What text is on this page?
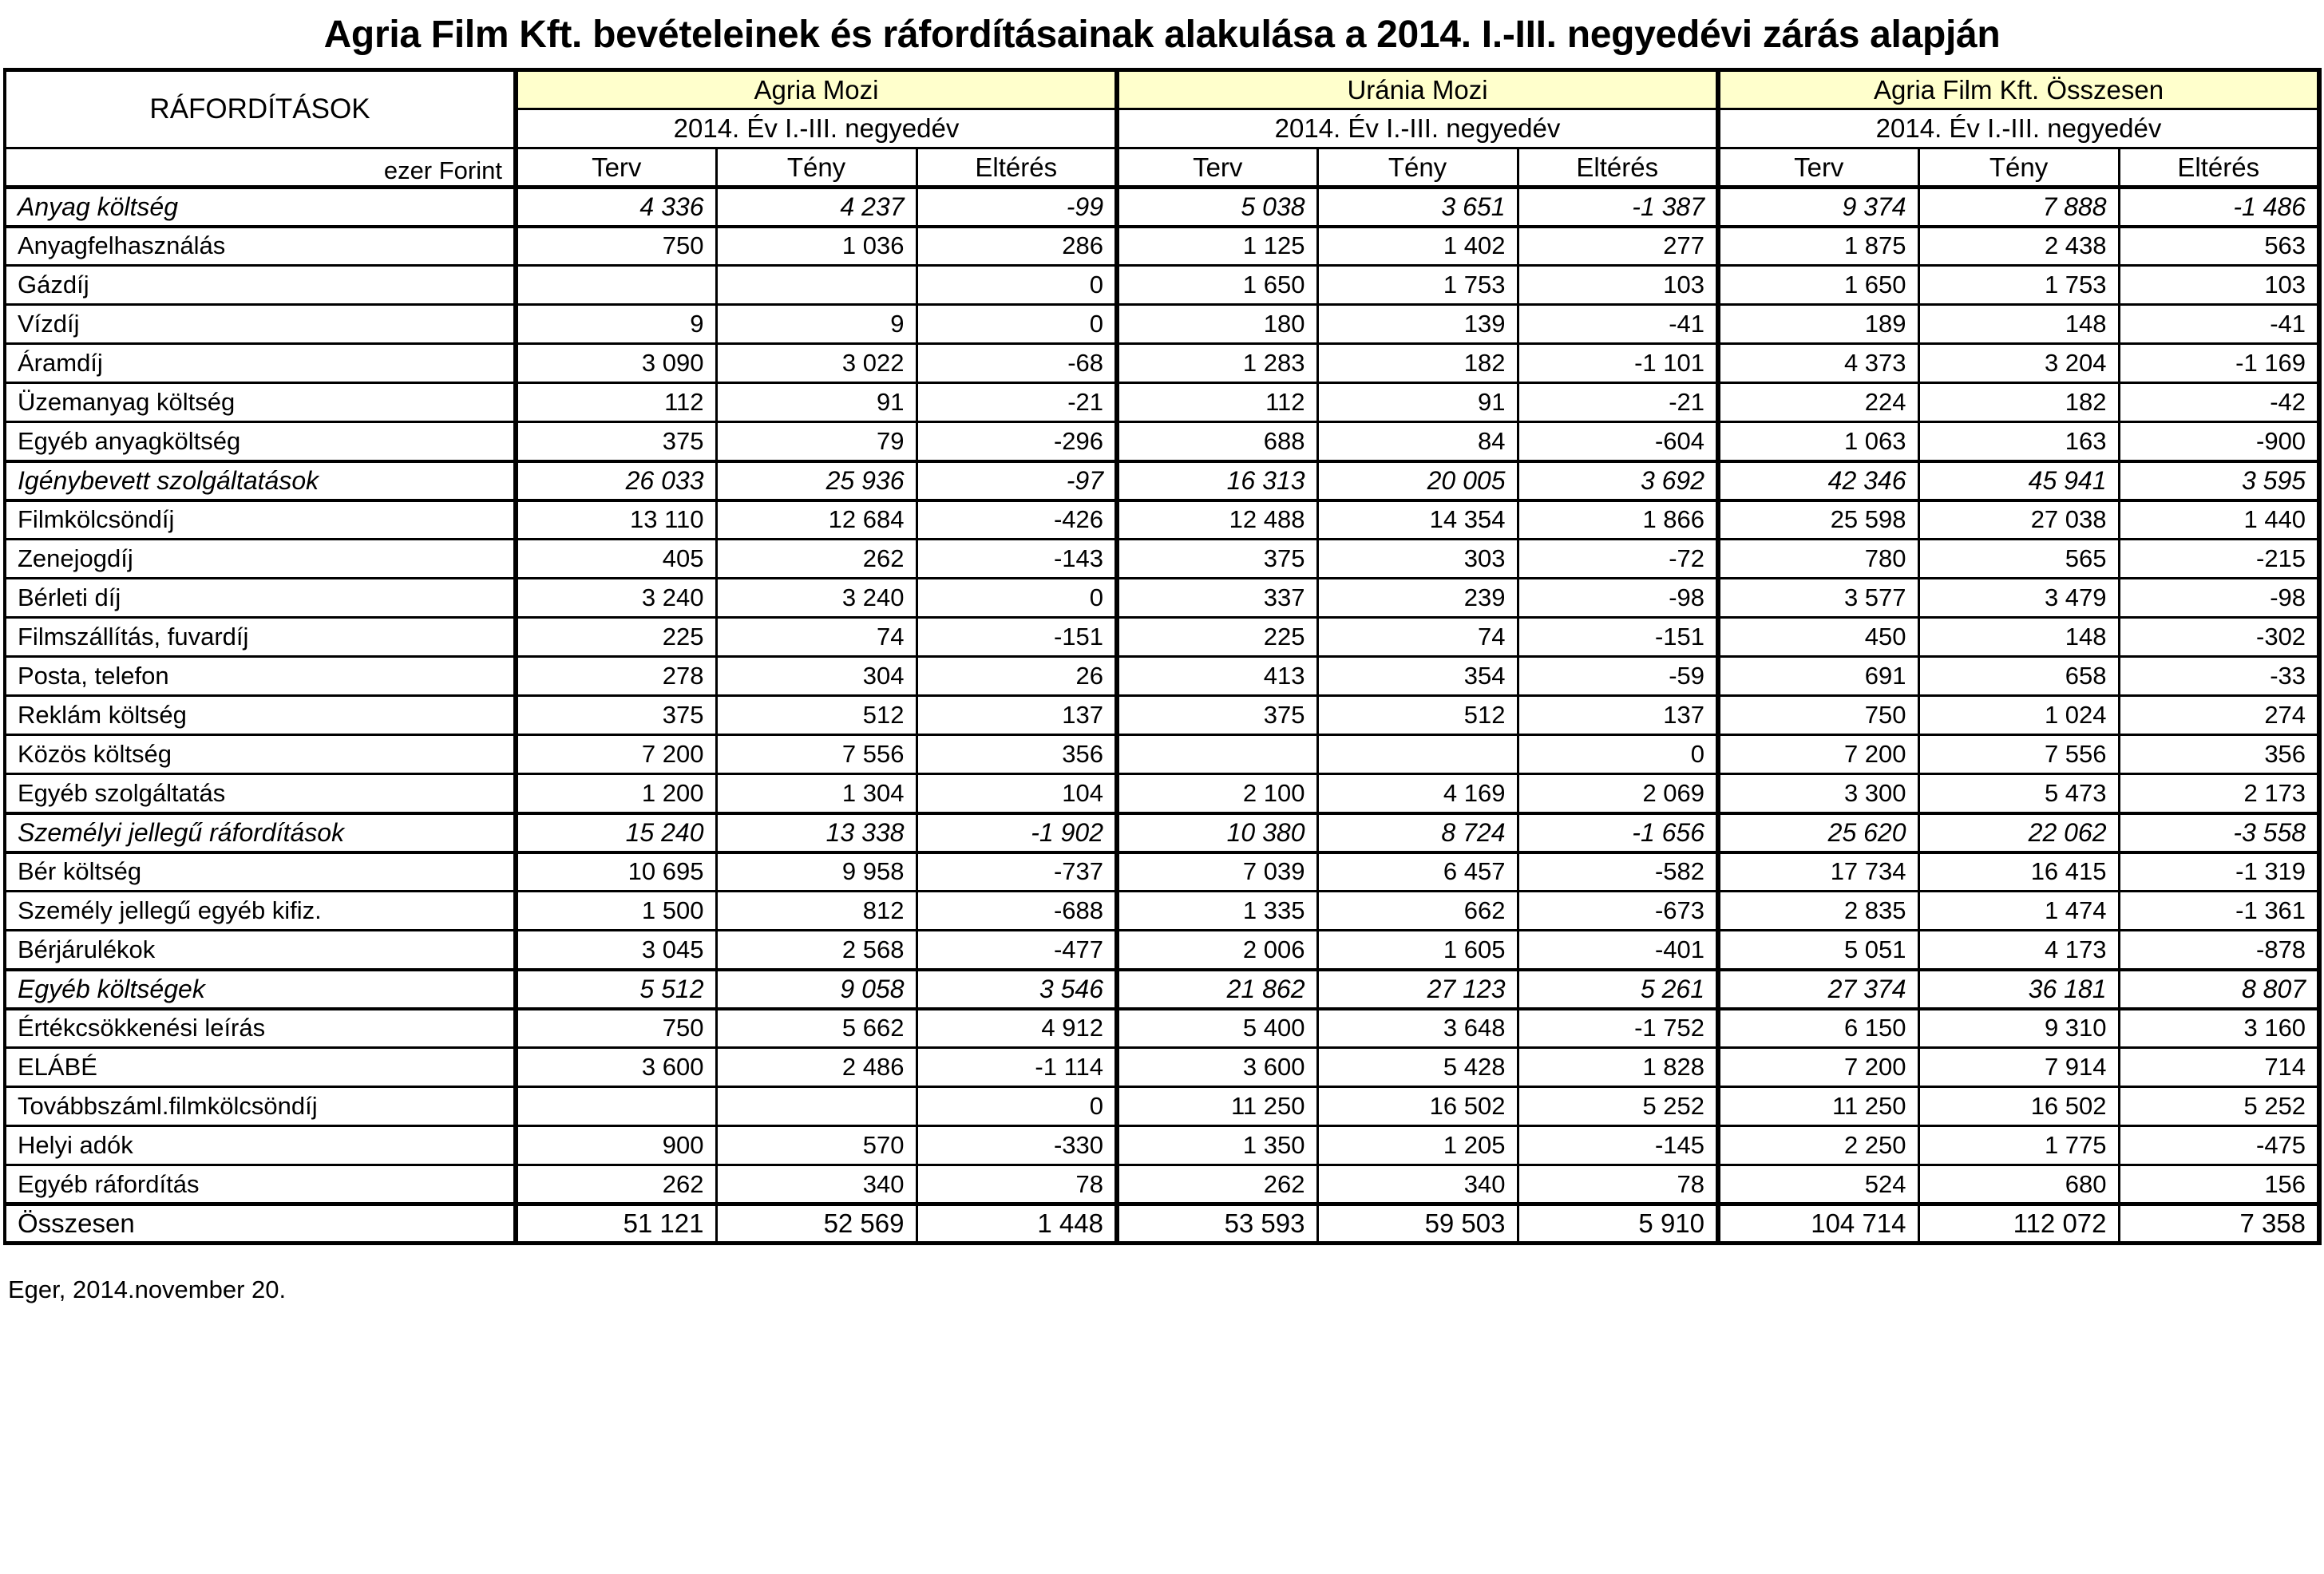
Agria Film Kft. bevételeinek és ráfordításainak alakulása a 2014. I.-III. negyedévi zárás alapján
RÁFORDÍTÁSOK	Agria Mozi			Uránia Mozi			Agria Film Kft. Összesen		
	2014. Év I.-III. negyedév			2014. Év I.-III. negyedév			2014. Év I.-III. negyedév		
ezer Forint	Terv	Tény	Eltérés	Terv	Tény	Eltérés	Terv	Tény	Eltérés
Anyag költség	4 336	4 237	-99	5 038	3 651	-1 387	9 374	7 888	-1 486
Anyagfelhasználás	750	1 036	286	1 125	1 402	277	1 875	2 438	563
Gázdíj			0	1 650	1 753	103	1 650	1 753	103
Vízdíj	9	9	0	180	139	-41	189	148	-41
Áramdíj	3 090	3 022	-68	1 283	182	-1 101	4 373	3 204	-1 169
Üzemanyag költség	112	91	-21	112	91	-21	224	182	-42
Egyéb anyagköltség	375	79	-296	688	84	-604	1 063	163	-900
Igénybevett szolgáltatások	26 033	25 936	-97	16 313	20 005	3 692	42 346	45 941	3 595
Filmkölcsöndíj	13 110	12 684	-426	12 488	14 354	1 866	25 598	27 038	1 440
Zenejogdíj	405	262	-143	375	303	-72	780	565	-215
Bérleti díj	3 240	3 240	0	337	239	-98	3 577	3 479	-98
Filmszállítás, fuvardíj	225	74	-151	225	74	-151	450	148	-302
Posta, telefon	278	304	26	413	354	-59	691	658	-33
Reklám költség	375	512	137	375	512	137	750	1 024	274
Közös költség	7 200	7 556	356			0	7 200	7 556	356
Egyéb szolgáltatás	1 200	1 304	104	2 100	4 169	2 069	3 300	5 473	2 173
Személyi jellegű ráfordítások	15 240	13 338	-1 902	10 380	8 724	-1 656	25 620	22 062	-3 558
Bér költség	10 695	9 958	-737	7 039	6 457	-582	17 734	16 415	-1 319
Személy jellegű egyéb kifiz.	1 500	812	-688	1 335	662	-673	2 835	1 474	-1 361
Bérjárulékok	3 045	2 568	-477	2 006	1 605	-401	5 051	4 173	-878
Egyéb költségek	5 512	9 058	3 546	21 862	27 123	5 261	27 374	36 181	8 807
Értékcsökkenési leírás	750	5 662	4 912	5 400	3 648	-1 752	6 150	9 310	3 160
ELÁBÉ	3 600	2 486	-1 114	3 600	5 428	1 828	7 200	7 914	714
Továbbszáml.filmkölcsöndíj			0	11 250	16 502	5 252	11 250	16 502	5 252
Helyi adók	900	570	-330	1 350	1 205	-145	2 250	1 775	-475
Egyéb ráfordítás	262	340	78	262	340	78	524	680	156
Összesen	51 121	52 569	1 448	53 593	59 503	5 910	104 714	112 072	7 358
Eger, 2014.november 20.
